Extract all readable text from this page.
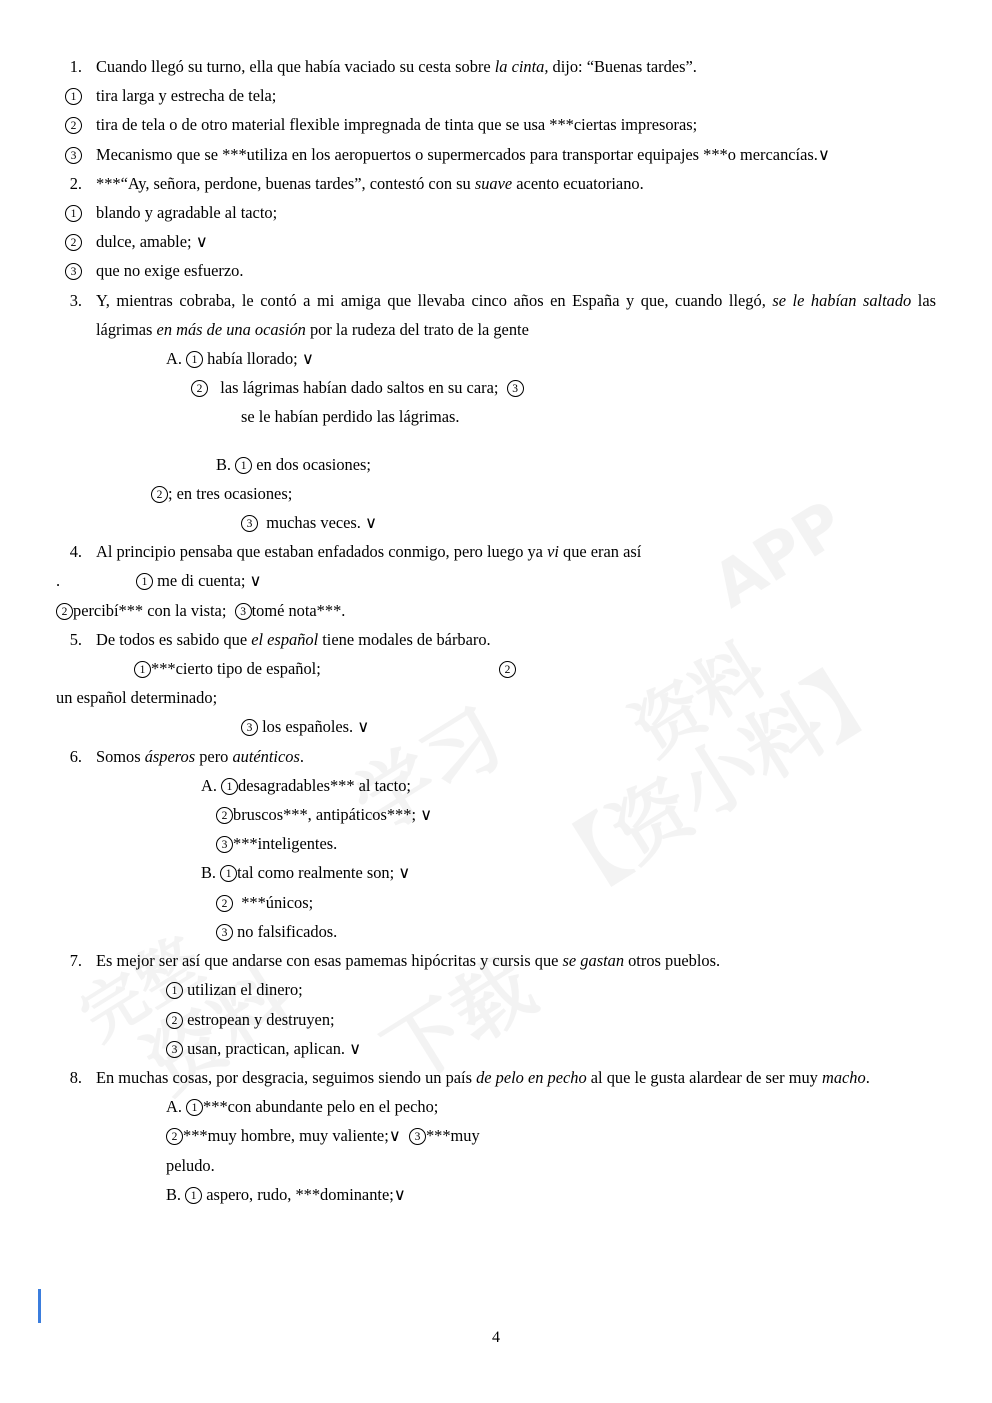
1. Cuando llegó su turno, ella que había vaciado su cesta sobre la cinta, dijo: “Buenas tardes”.
1	tira larga y estrecha de tela;
2	tira de tela o de otro material flexible impregnada de tinta que se usa ***ciertas impresoras;
3	Mecanismo que se ***utiliza en los aeropuertos o supermercados para transportar equipajes ***o mercancías.∨
2. ***“Ay, señora, perdone, buenas tardes”, contestó con su suave acento ecuatoriano.
1	blando y agradable al tacto;
2	dulce, amable; ∨
3	que no exige esfuerzo.
3. Y, mientras cobraba, le contó a mi amiga que llevaba cinco años en España y que, cuando llegó, se le habían saltado las lágrimas en más de una ocasión por la rudeza del trato de la gente
A. 1 había llorado; ∨
2 las lágrimas habían dado saltos en su cara; 3
se le habían perdido las lágrimas.
B. 1 en dos ocasiones;
2 ; en tres ocasiones;
3 muchas veces. ∨
4. Al principio pensaba que estaban enfadados conmigo, pero luego ya vi que eran así
.	1 me di cuenta; ∨
2 percibí*** con la vista; 3 tomé nota***.
5. De todos es sabido que el español tiene modales de bárbaro.
1 ***cierto tipo de español;	2
un español determinado;
3 los españoles. ∨
6. Somos ásperos pero auténticos.
A. 1 desagradables*** al tacto;
2 bruscos***, antipáticos***; ∨
3 ***inteligentes.
B. 1 tal como realmente son; ∨
2 ***únicos;
3 no falsificados.
7. Es mejor ser así que andarse con esas pamemas hipócritas y cursis que se gastan otros pueblos.
1 utilizan el dinero;
2 estropean y destruyen;
3 usan, practican, aplican. ∨
8. En muchas cosas, por desgracia, seguimos siendo un país de pelo en pecho al que le gusta alardear de ser muy macho.
A. 1 ***con abundante pelo en el pecho;
2 ***muy hombre, muy valiente;∨ 3 ***muy
peludo.
B. 1 aspero, rudo, ***dominante;∨
4
